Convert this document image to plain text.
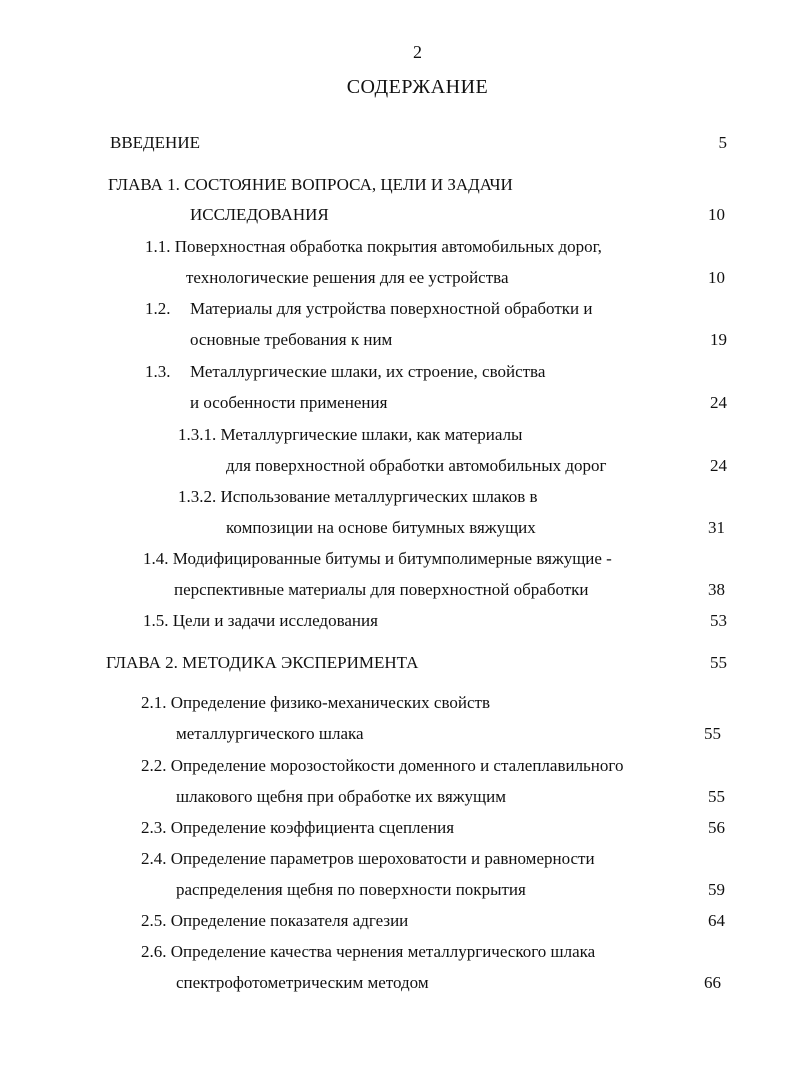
2
СОДЕРЖАНИЕ
ВВЕДЕНИЕ	5
ГЛАВА 1. СОСТОЯНИЕ ВОПРОСА, ЦЕЛИ И ЗАДАЧИ
ИССЛЕДОВАНИЯ	10
1.1. Поверхностная обработка покрытия автомобильных дорог,
технологические решения для ее устройства	10
1.2. Материалы для устройства поверхностной обработки и
основные требования к ним	19
1.3. Металлургические шлаки, их строение, свойства
и особенности применения	24
1.3.1. Металлургические шлаки, как материалы
для поверхностной обработки автомобильных дорог	24
1.3.2. Использование металлургических шлаков в
композиции на основе битумных вяжущих	31
1.4. Модифицированные битумы и битумполимерные вяжущие -
перспективные материалы для поверхностной обработки	38
1.5. Цели и задачи исследования	53
ГЛАВА 2. МЕТОДИКА ЭКСПЕРИМЕНТА	55
2.1. Определение физико-механических свойств
металлургического шлака	55
2.2. Определение морозостойкости доменного и сталеплавильного
шлакового щебня при обработке их вяжущим	55
2.3. Определение коэффициента сцепления	56
2.4. Определение параметров шероховатости и равномерности
распределения щебня по поверхности покрытия	59
2.5. Определение показателя адгезии	64
2.6. Определение качества чернения металлургического шлака
спектрофотометрическим методом	66
